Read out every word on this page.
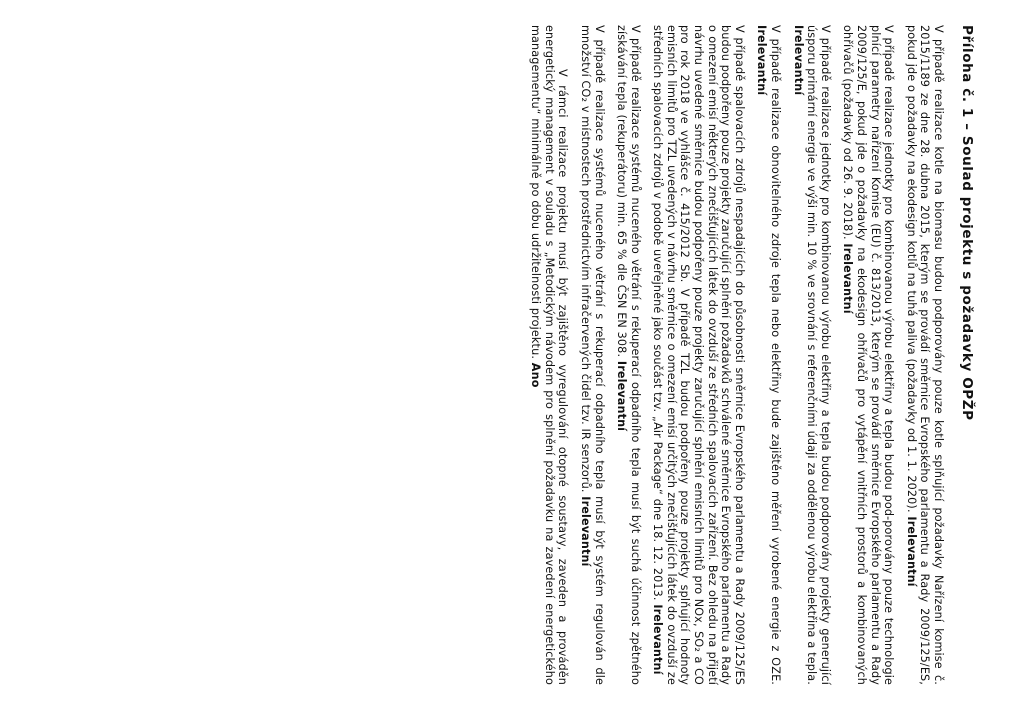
Příloha č. 1 – Soulad projektu s požadavky OPŽP

V případě realizace kotle na biomasu budou podporovány pouze kotle splňující požadavky Nařízení komise č. 2015/1189 ze dne 28. dubna 2015, kterým se provádí směrnice Evropského parlamentu a Rady 2009/125/ES, pokud jde o požadavky na ekodesign kotlů na tuhá paliva (požadavky od 1. 1. 2020). Irelevantní

V případě realizace jednotky pro kombinovanou výrobu elektřiny a tepla budou pod-porovány pouze technologie plnící parametry nařízení Komise (EU) č. 813/2013, kterým se provádí směrnice Evropského parlamentu a Rady 2009/125/E, pokud jde o požadavky na ekodesign ohřívačů pro vytápění vnitřních prostorů a kombinovaných ohřívačů (požadavky od 26. 9. 2018). Irelevantní

V případě realizace jednotky pro kombinovanou výrobu elektřiny a tepla budou podporovány projekty generující úsporu primární energie ve výši min. 10 % ve srovnání s referenčními údaji za oddělenou výrobu elektřina a tepla. Irelevantní

V případě realizace obnovitelného zdroje tepla nebo elektřiny bude zajištěno měření vyrobené energie z OZE. Irelevantní

V případě spalovacích zdrojů nespadajících do působnosti směrnice Evropského parlamentu a Rady 2009/125/ES budou podpořeny pouze projekty zaručující splnění požadavků schválené směrnice Evropského parlamentu a Rady o omezení emisí některých znečišťujících látek do ovzduší ze středních spalovacích zařízení. Bez ohledu na přijetí návrhu uvedené směrnice budou podpořeny pouze projekty zaručující splnění emisních limitů pro NOx, SO₂ a CO pro rok 2018 ve vyhlášce č. 415/2012 Sb. V případě TZL budou podpořeny pouze projekty splňující hodnoty emisních limitů pro TZL uvedených v návrhu směrnice o omezení emisí určitých znečišťujících látek do ovzduší ze středních spalovacích zdrojů v podobě uveřejněné jako součást tzv. „Air Package“ dne 18. 12. 2013. Irelevantní

V případě realizace systémů nuceného větrání s rekuperací odpadního tepla musí být suchá účinnost zpětného získávání tepla (rekuperátoru) min. 65 % dle ČSN EN 308. Irelevantní

V případě realizace systémů nuceného větrání s rekuperací odpadního tepla musí být systém regulován dle množství CO₂ v místnostech prostřednictvím infračervených čidel tzv. IR senzorů. Irelevantní

V rámci realizace projektu musí být zajištěno vyregulování otopné soustavy, zaveden a prováděn energetický management v souladu s „Metodickým návodem pro splnění požadavku na zavedení energetického managementu“ minimálně po dobu udržitelnosti projektu. Ano
